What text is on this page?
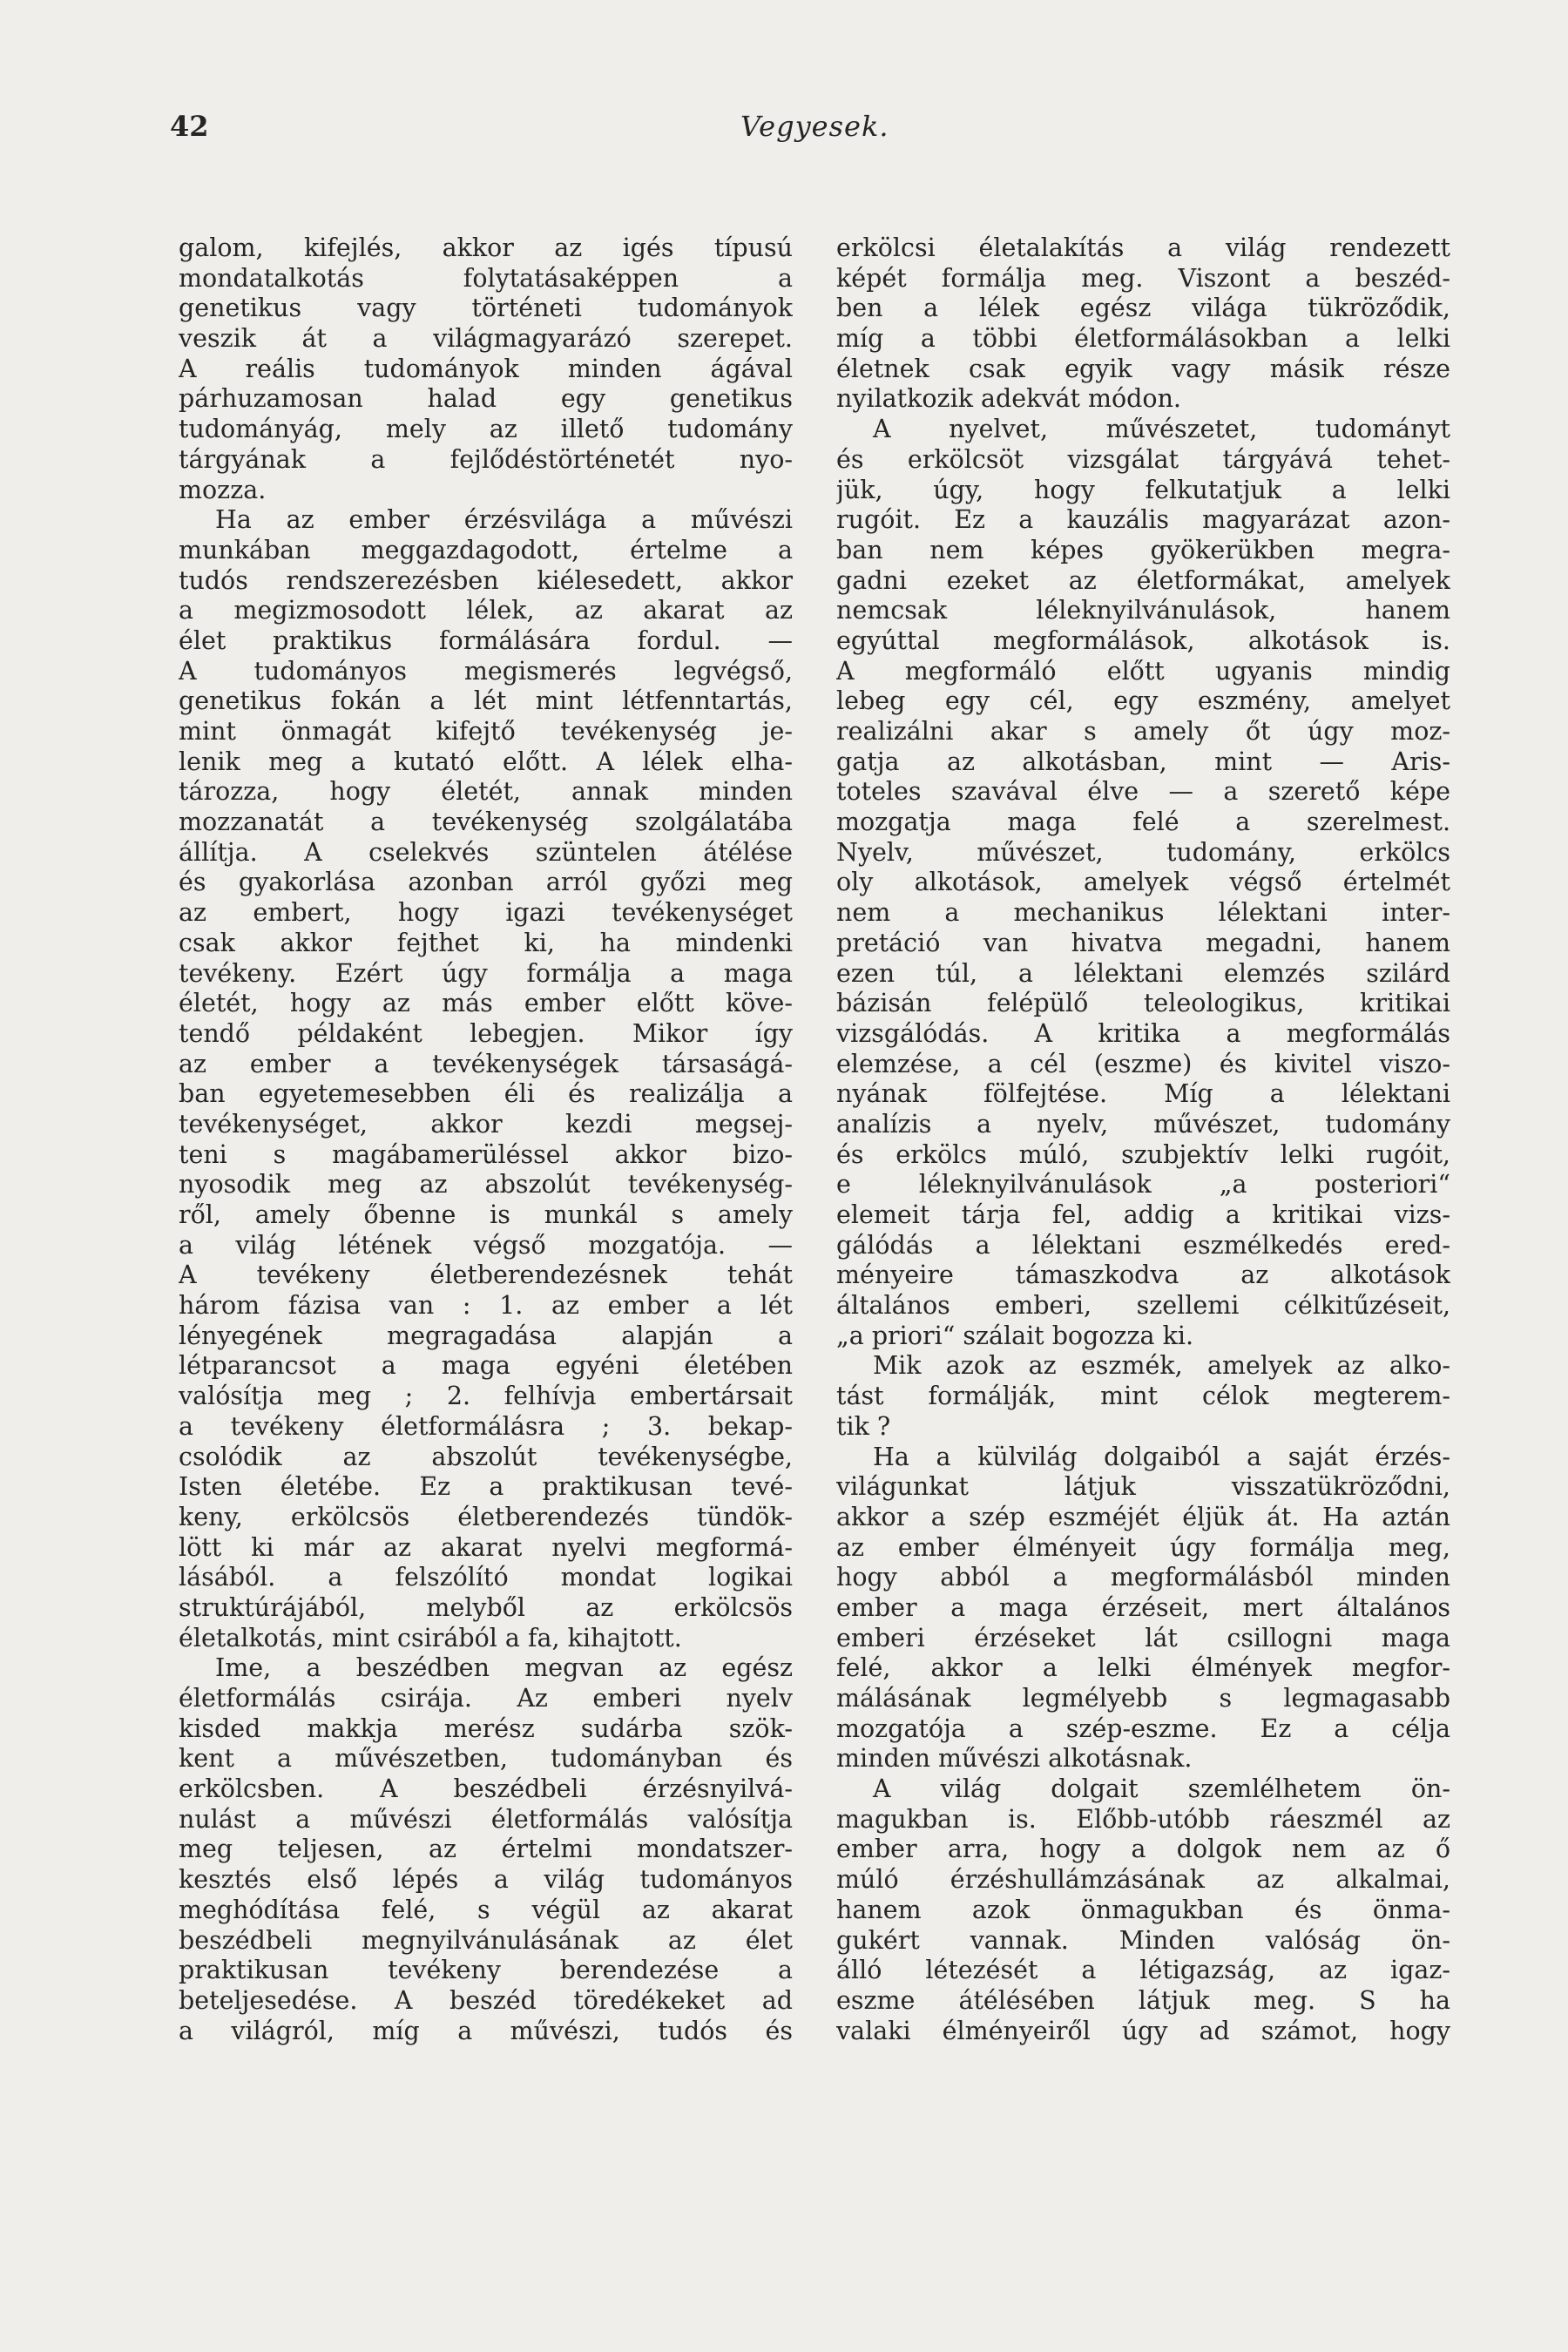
42	Vegyesek.
galom, kifejlés, akkor az igés típusú
mondatalkotás folytatásaképpen a
genetikus vagy történeti tudományok
veszik át a világmagyarázó szerepet.
A reális tudományok minden ágával
párhuzamosan halad egy genetikus
tudományág, mely az illető tudomány
tárgyának a fejlődéstörténetét nyo-
mozza.
Ha az ember érzésvilága a művészi
munkában meggazdagodott, értelme a
tudós rendszerezésben kiélesedett, akkor
a megizmosodott lélek, az akarat az
élet praktikus formálására fordul. —
A tudományos megismerés legvégső,
genetikus fokán a lét mint létfenntartás,
mint önmagát kifejtő tevékenység je-
lenik meg a kutató előtt. A lélek elha-
tározza, hogy életét, annak minden
mozzanatát a tevékenység szolgálatába
állítja. A cselekvés szüntelen átélése
és gyakorlása azonban arról győzi meg
az embert, hogy igazi tevékenységet
csak akkor fejthet ki, ha mindenki
tevékeny. Ezért úgy formálja a maga
életét, hogy az más ember előtt köve-
tendő példaként lebegjen. Mikor így
az ember a tevékenységek társaságá-
ban egyetemesebben éli és realizálja a
tevékenységet, akkor kezdi megsej-
teni s magábamerüléssel akkor bizo-
nyosodik meg az abszolút tevékenység-
ről, amely őbenne is munkál s amely
a világ létének végső mozgatója. —
A tevékeny életberendezésnek tehát
három fázisa van : 1. az ember a lét
lényegének megragadása alapján a
létparancsot a maga egyéni életében
valósítja meg ; 2. felhívja embertársait
a tevékeny életformálásra ; 3. bekap-
csolódik az abszolút tevékenységbe,
Isten életébe. Ez a praktikusan tevé-
keny, erkölcsös életberendezés tündök-
lött ki már az akarat nyelvi megformá-
lásából. a felszólító mondat logikai
struktúrájából, melyből az erkölcsös
életalkotás, mint csirából a fa, kihajtott.
Ime, a beszédben megvan az egész
életformálás csirája. Az emberi nyelv
kisded makkja merész sudárba szök-
kent a művészetben, tudományban és
erkölcsben. A beszédbeli érzésnyilvá-
nulást a művészi életformálás valósítja
meg teljesen, az értelmi mondatszer-
kesztés első lépés a világ tudományos
meghódítása felé, s végül az akarat
beszédbeli megnyilvánulásának az élet
praktikusan tevékeny berendezése a
beteljesedése. A beszéd töredékeket ad
a világról, míg a művészi, tudós és
erkölcsi életalakítás a világ rendezett
képét formálja meg. Viszont a beszéd-
ben a lélek egész világa tükröződik,
míg a többi életformálásokban a lelki
életnek csak egyik vagy másik része
nyilatkozik adekvát módon.
A nyelvet, művészetet, tudományt
és erkölcsöt vizsgálat tárgyává tehet-
jük, úgy, hogy felkutatjuk a lelki
rugóit. Ez a kauzális magyarázat azon-
ban nem képes gyökerükben megra-
gadni ezeket az életformákat, amelyek
nemcsak léleknyilvánulások, hanem
egyúttal megformálások, alkotások is.
A megformáló előtt ugyanis mindig
lebeg egy cél, egy eszmény, amelyet
realizálni akar s amely őt úgy moz-
gatja az alkotásban, mint — Aris-
toteles szavával élve — a szerető képe
mozgatja maga felé a szerelmest.
Nyelv, művészet, tudomány, erkölcs
oly alkotások, amelyek végső értelmét
nem a mechanikus lélektani inter-
pretáció van hivatva megadni, hanem
ezen túl, a lélektani elemzés szilárd
bázisán felépülő teleologikus, kritikai
vizsgálódás. A kritika a megformálás
elemzése, a cél (eszme) és kivitel viszo-
nyának fölfejtése. Míg a lélektani
analízis a nyelv, művészet, tudomány
és erkölcs múló, szubjektív lelki rugóit,
e léleknyilvánulások „a posteriori“
elemeit tárja fel, addig a kritikai vizs-
gálódás a lélektani eszmélkedés ered-
ményeire támaszkodva az alkotások
általános emberi, szellemi célkitűzéseit,
„a priori“ szálait bogozza ki.
Mik azok az eszmék, amelyek az alko-
tást formálják, mint célok megterem-
tik ?
Ha a külvilág dolgaiból a saját érzés-
világunkat látjuk visszatükröződni,
akkor a szép eszméjét éljük át. Ha aztán
az ember élményeit úgy formálja meg,
hogy abból a megformálásból minden
ember a maga érzéseit, mert általános
emberi érzéseket lát csillogni maga
felé, akkor a lelki élmények megfor-
málásának legmélyebb s legmagasabb
mozgatója a szép-eszme. Ez a célja
minden művészi alkotásnak.
A világ dolgait szemlélhetem ön-
magukban is. Előbb-utóbb ráeszmél az
ember arra, hogy a dolgok nem az ő
múló érzéshullámzásának az alkalmai,
hanem azok önmagukban és önma-
gukért vannak. Minden valóság ön-
álló létezését a létigazság, az igaz-
eszme átélésében látjuk meg. S ha
valaki élményeiről úgy ad számot, hogy
